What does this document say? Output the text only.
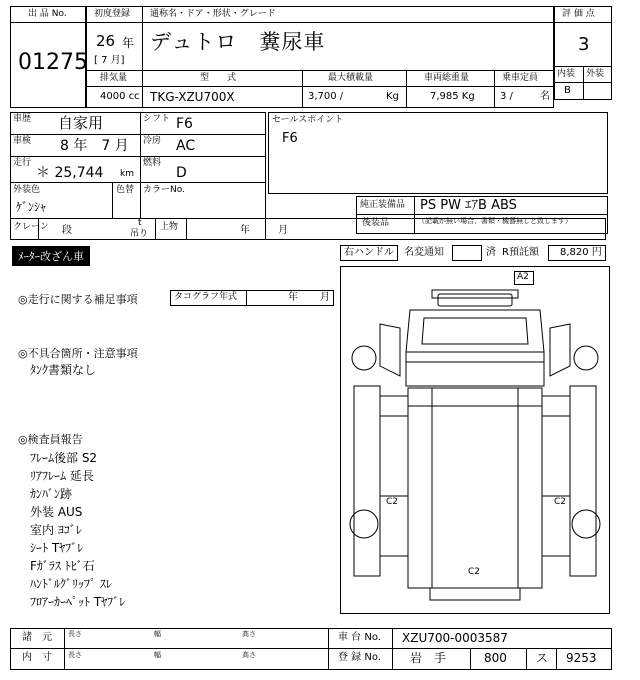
出 品 No.
01275
初度登録 通称名・ドア・形状・グレード
26 年
[ 7 月]
デュトロ　糞尿車
排気量	型　　式	最大積載量	車両総重量	乗車定員
4000 cc TKG-XZU700X	3,700 /	Kg	7,985 Kg	3 /	名
評 価 点
3
内装 外装
B
車歴 自家用	シフト F6
車検 8 年　7 月 冷房 AC
走行
＊ 25,744 km
燃料
D
外装色
ｹﾞﾝｼｬ
色替 カラーNo.
クレーン 段
t
吊り
上物	年	月
セールスポイント
F6
純正装備品 PS PW ｴｱB ABS
後装品	（記載が無い場合、書類・機器無しと致します）
ﾒｰﾀｰ改ざん車	右ハンドル 名変通知	済 R預託額 8,820 円
◎走行に関する補足事項	タコグラフ年式	年 月
◎不具合箇所・注意事項
ﾀﾝｸ書類なし
◎検査員報告
ﾌﾚｰﾑ後部 S2
ﾘｱﾌﾚｰﾑ 延長
ｶﾝﾊﾞﾝ跡
外装 AUS
室内 ﾖｺﾞﾚ
ｼｰﾄ Tﾔﾌﾞﾚ
Fｶﾞﾗｽ ﾄﾋﾞ石
ﾊﾝﾄﾞﾙｸﾞﾘｯﾌﾟ ｽﾚ
ﾌﾛｱｰｶｰﾍﾟｯﾄ Tﾔﾌﾞﾚ
A2
C2	C2
C2
諸　元
内　寸
長さ	幅	高さ
長さ	幅	高さ
車 台 No. XZU700-0003587
登 録 No. 岩　手	800 ス 9253
